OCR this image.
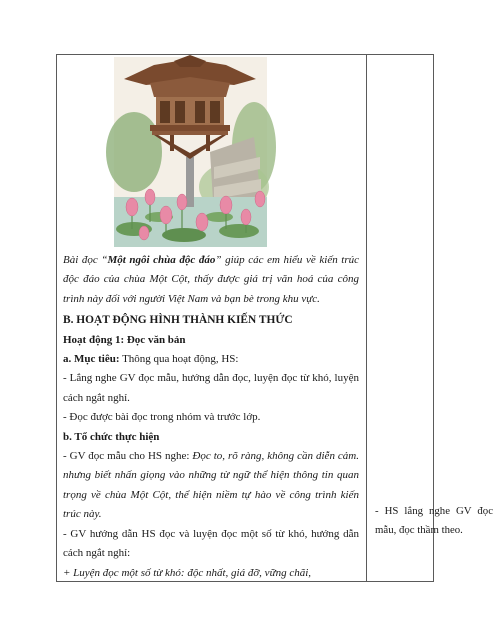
Bài đọc “Một ngôi chùa độc đáo” giúp các em hiểu về kiến trúc độc đáo của chùa Một Cột, thấy được giá trị văn hoá của công trình này đối với người Việt Nam và bạn bè trong khu vực.

B. HOẠT ĐỘNG HÌNH THÀNH KIẾN THỨC

Hoạt động 1: Đọc văn bản

a. Mục tiêu: Thông qua hoạt động, HS:

- Lắng nghe GV đọc mẫu, hướng dẫn đọc, luyện đọc từ khó, luyện cách ngắt nghỉ.

- Đọc được bài đọc trong nhóm và trước lớp.

b. Tổ chức thực hiện

- GV đọc mẫu cho HS nghe: Đọc to, rõ ràng, không cần diễn cảm. nhưng biết nhấn giọng vào những từ ngữ thể hiện thông tin quan trọng về chùa Một Cột, thể hiện niềm tự hào về công trình kiến trúc này.

- GV hướng dẫn HS đọc và luyện đọc một số từ khó, hướng dẫn cách ngắt nghỉ:

+ Luyện đọc một số từ khó: độc nhất, giá đỡ, vững chãi,

- HS lắng nghe GV đọc mẫu, đọc thầm theo.
